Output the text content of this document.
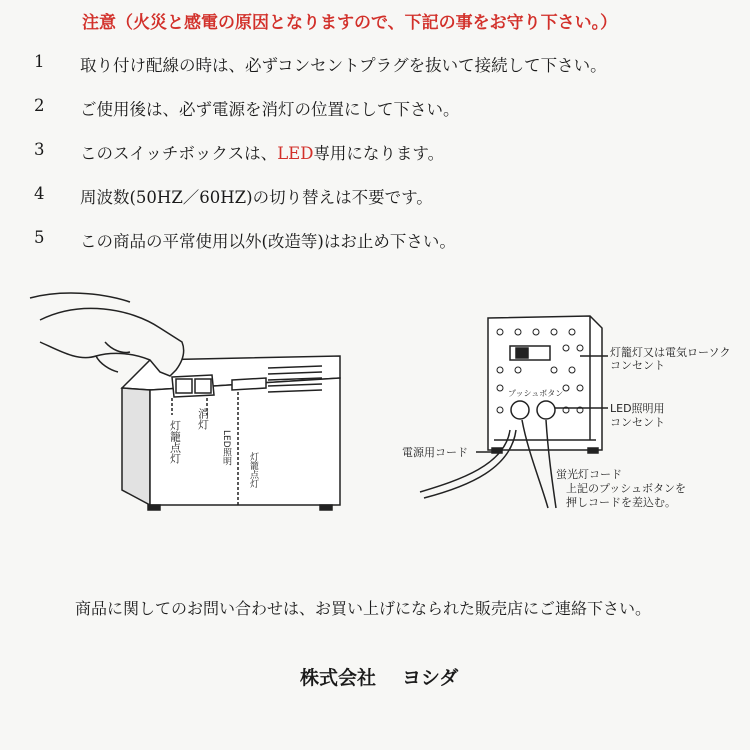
注意（火災と感電の原因となりますので、下記の事をお守り下さい。）
1 取り付け配線の時は、必ずコンセントプラグを抜いて接続して下さい。
2 ご使用後は、必ず電源を消灯の位置にして下さい。
3 このスイッチボックスは、LED専用になります。
4 周波数(50HZ／60HZ)の切り替えは不要です。
5 この商品の平常使用以外(改造等)はお止め下さい。
灯籠点灯
消灯
LED照明
灯籠点灯
灯籠灯又は電気ローソク
コンセント
プッシュボタン
LED照明用
コンセント
電源用コード
蛍光灯コード
上記のプッシュボタンを
押しコードを差込む。
商品に関してのお問い合わせは、お買い上げになられた販売店にご連絡下さい。
株式会社 ヨシダ
